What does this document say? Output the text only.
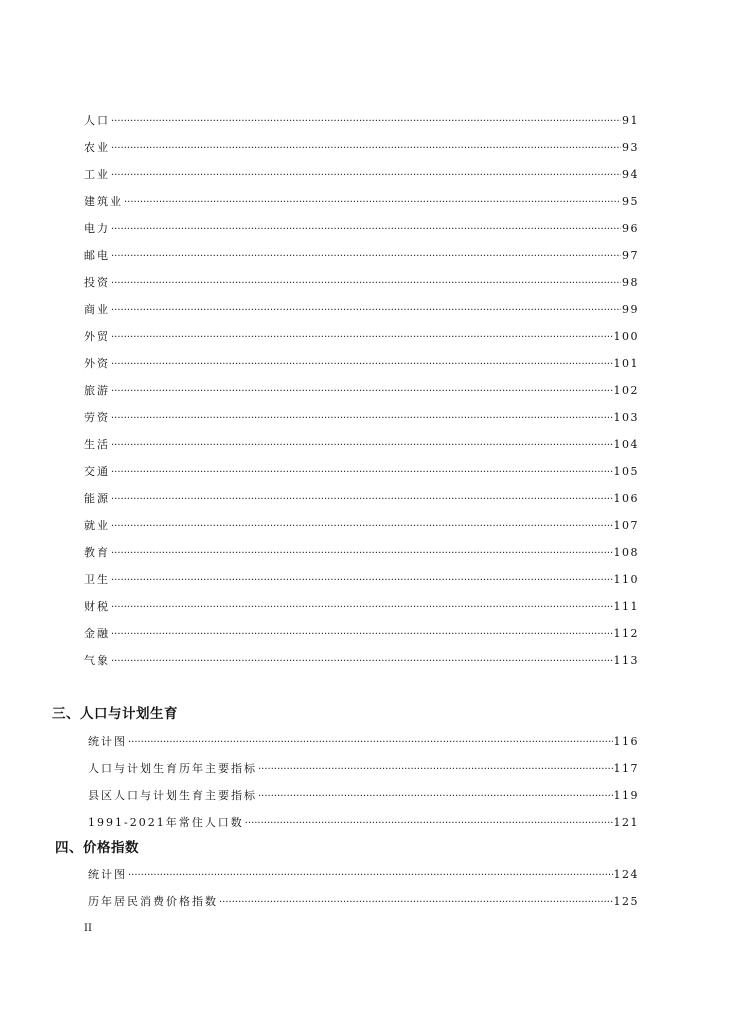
人口 ·····	91
农业 ·····	93
工业 ·····	94
建筑业 ·····	95
电力 ·····	96
邮电 ·····	97
投资 ·····	98
商业 ·····	99
外贸 ·····	100
外资 ·····	101
旅游 ·····	102
劳资 ·····	103
生活 ·····	104
交通 ·····	105
能源 ·····	106
就业 ·····	107
教育 ·····	108
卫生 ·····	110
财税 ·····	111
金融 ·····	112
气象 ·····	113
三、人口与计划生育
统计图 ·····	116
人口与计划生育历年主要指标 ·····	117
县区人口与计划生育主要指标 ·····	119
1991-2021年常住人口数 ·····	121
四、价格指数
统计图 ·····	124
历年居民消费价格指数 ·····	125
II
